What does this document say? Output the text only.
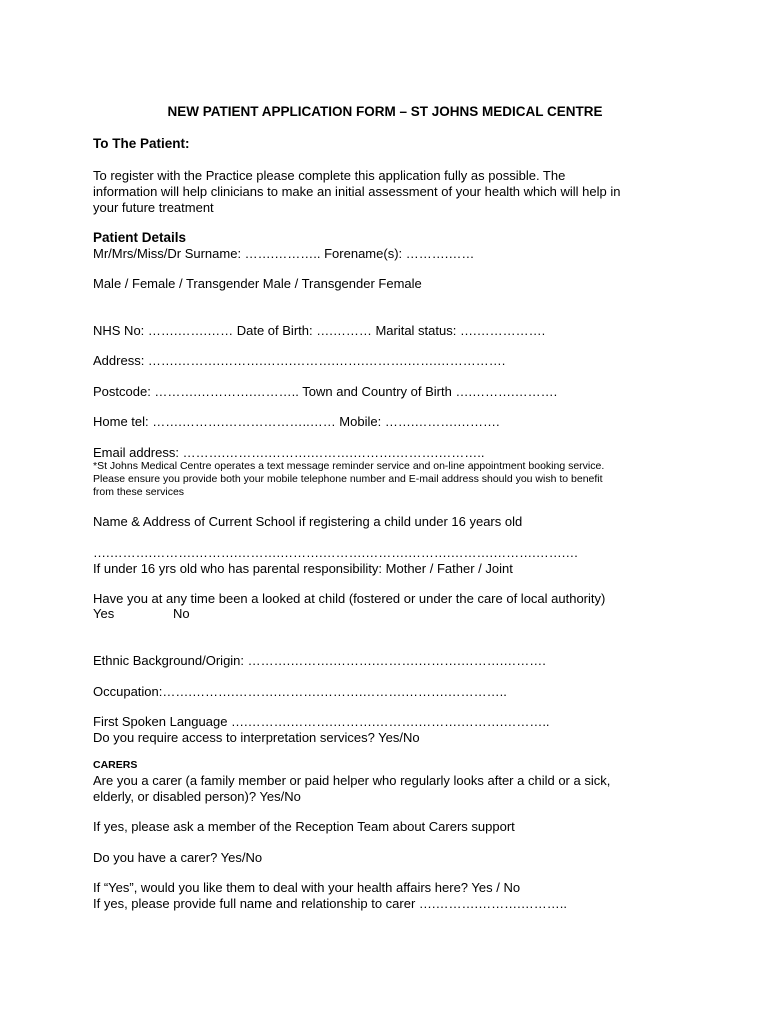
NEW PATIENT APPLICATION FORM – ST JOHNS MEDICAL CENTRE
To The Patient:
To register with the Practice please complete this application fully as possible. The
information will help clinicians to make an initial assessment of your health which will help in
your future treatment
Patient Details
Mr/Mrs/Miss/Dr Surname: …….……….. Forename(s): ……….……
Male / Female / Transgender Male / Transgender Female
NHS No: …….…….…… Date of Birth: ….……… Marital status: ….…………….
Address: …….……….……….…….……….…….……….…….…………….
Postcode: ……….………….……….. Town and Country of Birth ….……….……….
Home tel: …….……….………………..…… Mobile: …….……….……….
Email address: ……….……….……….……….……….……….………..
*St Johns Medical Centre operates a text message reminder service and on-line appointment booking service.
Please ensure you provide both your mobile telephone number and E-mail address should you wish to benefit
from these services
Name & Address of Current School if registering a child under 16 years old
….……….……….……….……….……….……….……….……….……….……….…….…
If under 16 yrs old who has parental responsibility: Mother / Father / Joint
Have you at any time been a looked at child (fostered or under the care of local authority)
Yes	No
Ethnic Background/Origin: ……….……….……….……….……….……….……….
Occupation:…….……….……….……….……….……….……….…………..
First Spoken Language ….……….……….……….……….……….……….………..
Do you require access to interpretation services? Yes/No
CARERS
Are you a carer (a family member or paid helper who regularly looks after a child or a sick,
elderly, or disabled person)? Yes/No
If yes, please ask a member of the Reception Team about Carers support
Do you have a carer? Yes/No
If “Yes”, would you like them to deal with your health affairs here? Yes / No
If yes, please provide full name and relationship to carer ….……….……….………..
